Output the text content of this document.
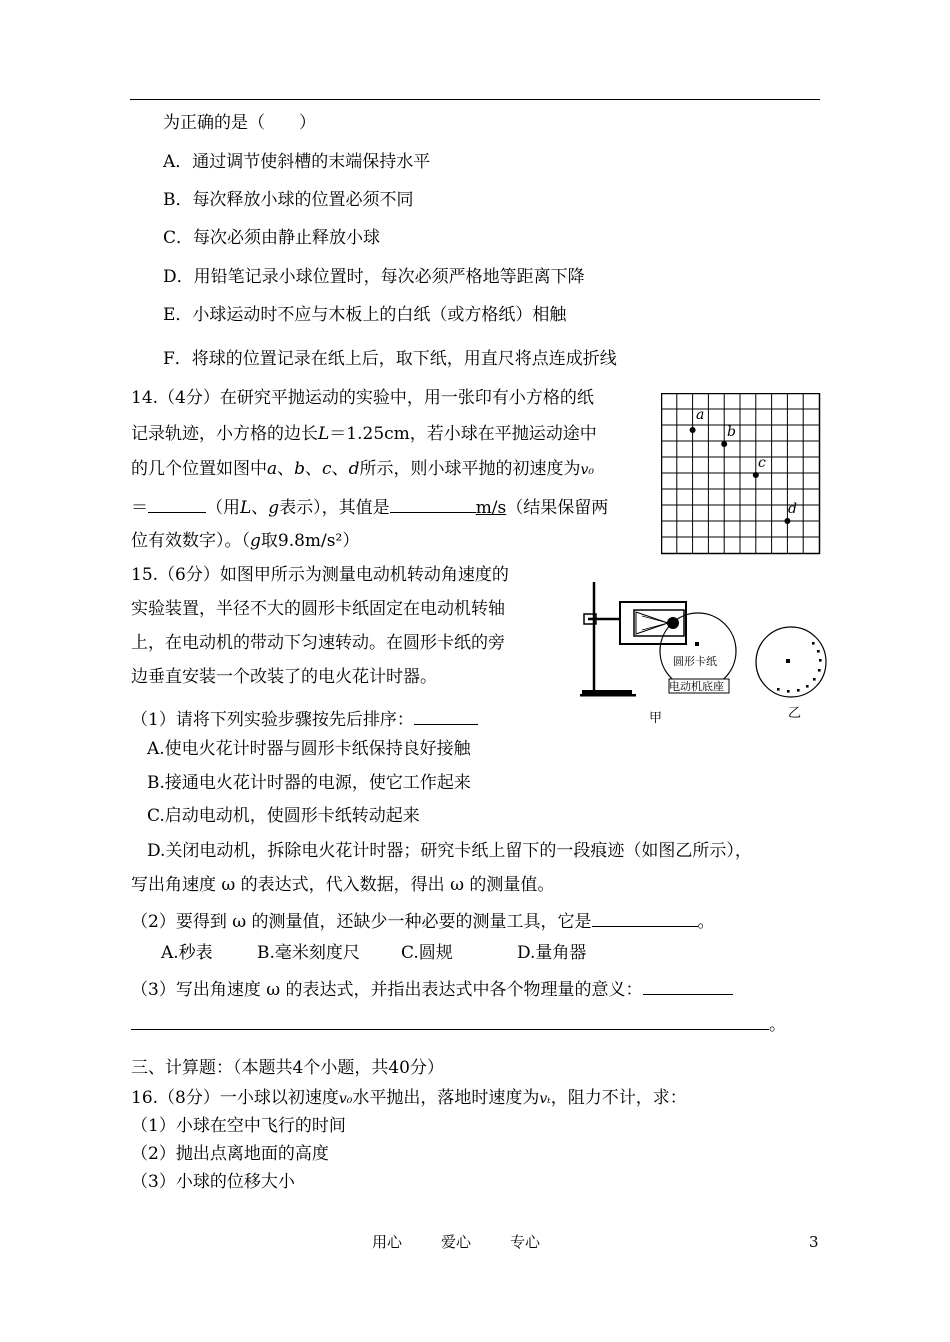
为正确的是（　　）
A．通过调节使斜槽的末端保持水平
B．每次释放小球的位置必须不同
C．每次必须由静止释放小球
D．用铅笔记录小球位置时，每次必须严格地等距离下降
E．小球运动时不应与木板上的白纸（或方格纸）相触
F．将球的位置记录在纸上后，取下纸，用直尺将点连成折线
14.（4分）在研究平抛运动的实验中，用一张印有小方格的纸
记录轨迹，小方格的边长L＝1.25cm，若小球在平抛运动途中
的几个位置如图中a、b、c、d所示，则小球平抛的初速度为v₀
＝	（用L、g表示），其值是	m/s（结果保留两
位有效数字）。（g取9.8m/s²）
a
b
c
d
15.（6分）如图甲所示为测量电动机转动角速度的
实验装置，半径不大的圆形卡纸固定在电动机转轴
上，在电动机的带动下匀速转动。在圆形卡纸的旁
边垂直安装一个改装了的电火花计时器。
（1）请将下列实验步骤按先后排序：
A.使电火花计时器与圆形卡纸保持良好接触
B.接通电火花计时器的电源，使它工作起来
C.启动电动机，使圆形卡纸转动起来
D.关闭电动机，拆除电火花计时器；研究卡纸上留下的一段痕迹（如图乙所示），
写出角速度 ω 的表达式，代入数据，得出 ω 的测量值。
（2）要得到 ω 的测量值，还缺少一种必要的测量工具，它是	。
A.秒表	B.毫米刻度尺 C.圆规	D.量角器
（3）写出角速度 ω 的表达式，并指出表达式中各个物理量的意义：
。
圆形卡纸
电动机底座
甲	乙
三、计算题：（本题共4个小题，共40分）
16.（8分）一小球以初速度v₀水平抛出，落地时速度为vₜ，阻力不计，求：
（1）小球在空中飞行的时间
（2）抛出点离地面的高度
（3）小球的位移大小
用心	爱心	专心	3
